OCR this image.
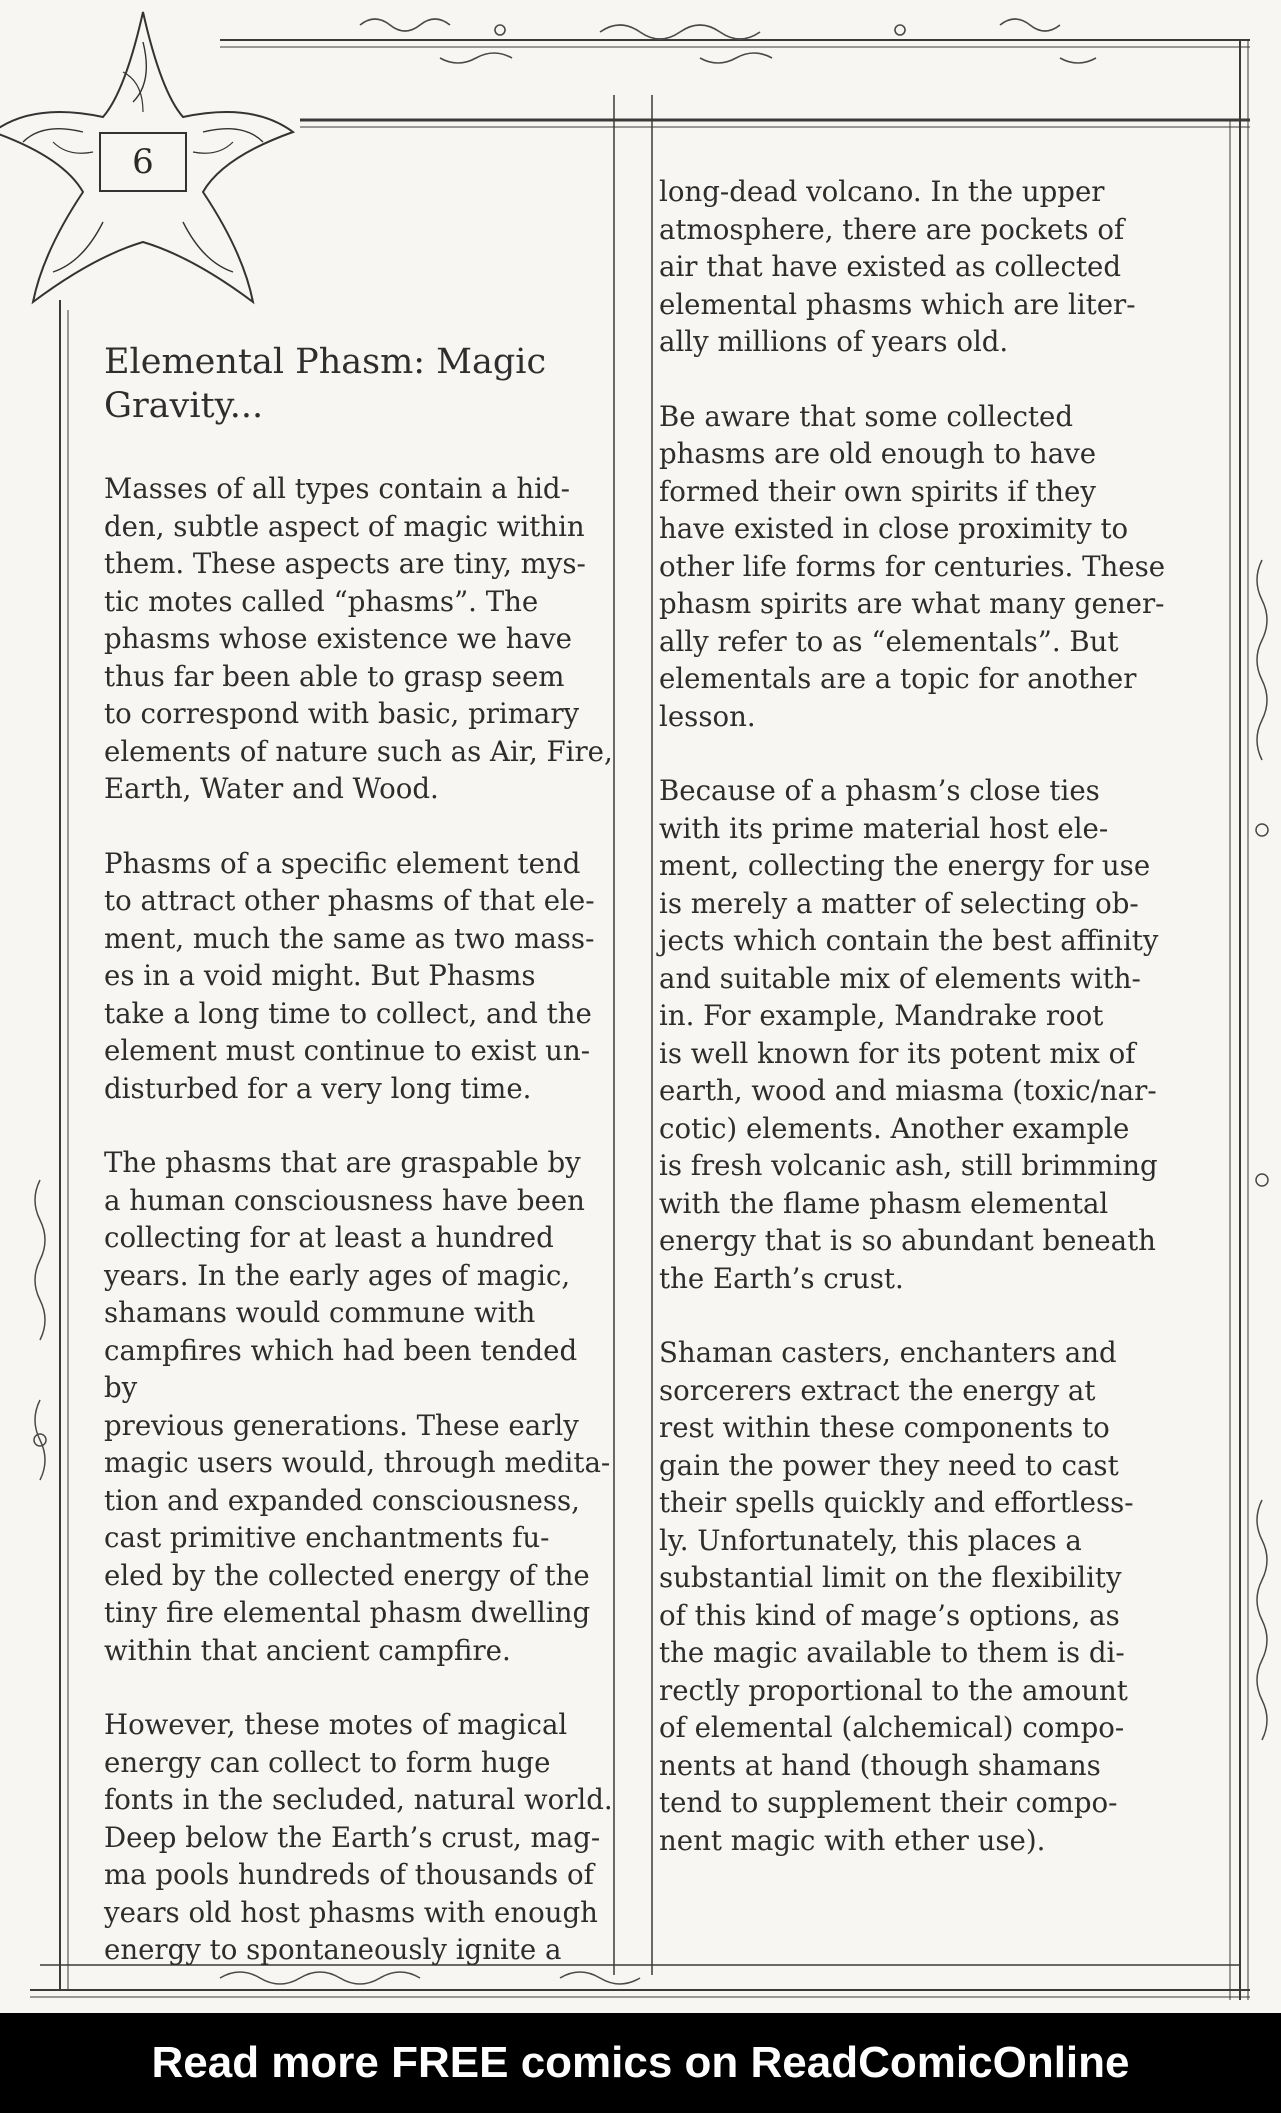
6
Elemental Phasm: Magic
Gravity...

Masses of all types contain a hid-
den, subtle aspect of magic within
them. These aspects are tiny, mys-
tic motes called “phasms”. The
phasms whose existence we have
thus far been able to grasp seem
to correspond with basic, primary
elements of nature such as Air, Fire,
Earth, Water and Wood.

Phasms of a specific element tend
to attract other phasms of that ele-
ment, much the same as two mass-
es in a void might. But Phasms
take a long time to collect, and the
element must continue to exist un-
disturbed for a very long time.

The phasms that are graspable by
a human consciousness have been
collecting for at least a hundred
years. In the early ages of magic,
shamans would commune with
campfires which had been tended by
previous generations. These early
magic users would, through medita-
tion and expanded consciousness,
cast primitive enchantments fu-
eled by the collected energy of the
tiny fire elemental phasm dwelling
within that ancient campfire.

However, these motes of magical
energy can collect to form huge
fonts in the secluded, natural world.
Deep below the Earth’s crust, mag-
ma pools hundreds of thousands of
years old host phasms with enough
energy to spontaneously ignite a

long-dead volcano. In the upper
atmosphere, there are pockets of
air that have existed as collected
elemental phasms which are liter-
ally millions of years old.

Be aware that some collected
phasms are old enough to have
formed their own spirits if they
have existed in close proximity to
other life forms for centuries. These
phasm spirits are what many gener-
ally refer to as “elementals”. But
elementals are a topic for another
lesson.

Because of a phasm’s close ties
with its prime material host ele-
ment, collecting the energy for use
is merely a matter of selecting ob-
jects which contain the best affinity
and suitable mix of elements with-
in. For example, Mandrake root
is well known for its potent mix of
earth, wood and miasma (toxic/nar-
cotic) elements. Another example
is fresh volcanic ash, still brimming
with the flame phasm elemental
energy that is so abundant beneath
the Earth’s crust.

Shaman casters, enchanters and
sorcerers extract the energy at
rest within these components to
gain the power they need to cast
their spells quickly and effortless-
ly. Unfortunately, this places a
substantial limit on the flexibility
of this kind of mage’s options, as
the magic available to them is di-
rectly proportional to the amount
of elemental (alchemical) compo-
nents at hand (though shamans
tend to supplement their compo-
nent magic with ether use).

Read more FREE comics on ReadComicOnline
